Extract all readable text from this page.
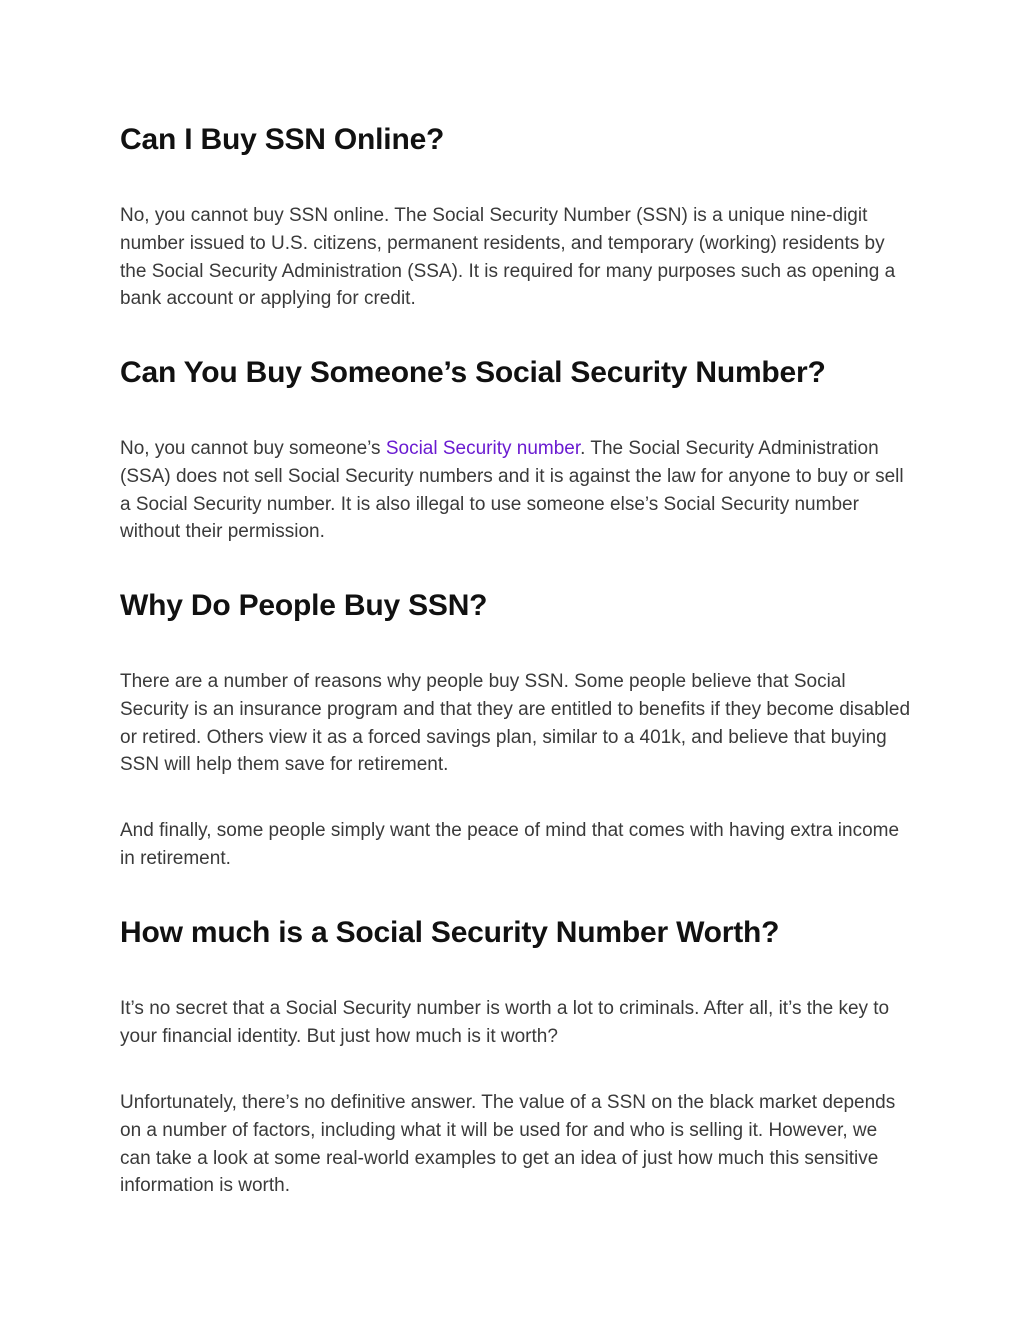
Can I Buy SSN Online?

No, you cannot buy SSN online. The Social Security Number (SSN) is a unique nine-digit number issued to U.S. citizens, permanent residents, and temporary (working) residents by the Social Security Administration (SSA). It is required for many purposes such as opening a bank account or applying for credit.

Can You Buy Someone’s Social Security Number?

No, you cannot buy someone’s Social Security number. The Social Security Administration (SSA) does not sell Social Security numbers and it is against the law for anyone to buy or sell a Social Security number. It is also illegal to use someone else’s Social Security number without their permission.

Why Do People Buy SSN?

There are a number of reasons why people buy SSN. Some people believe that Social Security is an insurance program and that they are entitled to benefits if they become disabled or retired. Others view it as a forced savings plan, similar to a 401k, and believe that buying SSN will help them save for retirement.

And finally, some people simply want the peace of mind that comes with having extra income in retirement.

How much is a Social Security Number Worth?

It’s no secret that a Social Security number is worth a lot to criminals. After all, it’s the key to your financial identity. But just how much is it worth?

Unfortunately, there’s no definitive answer. The value of a SSN on the black market depends on a number of factors, including what it will be used for and who is selling it. However, we can take a look at some real-world examples to get an idea of just how much this sensitive information is worth.
